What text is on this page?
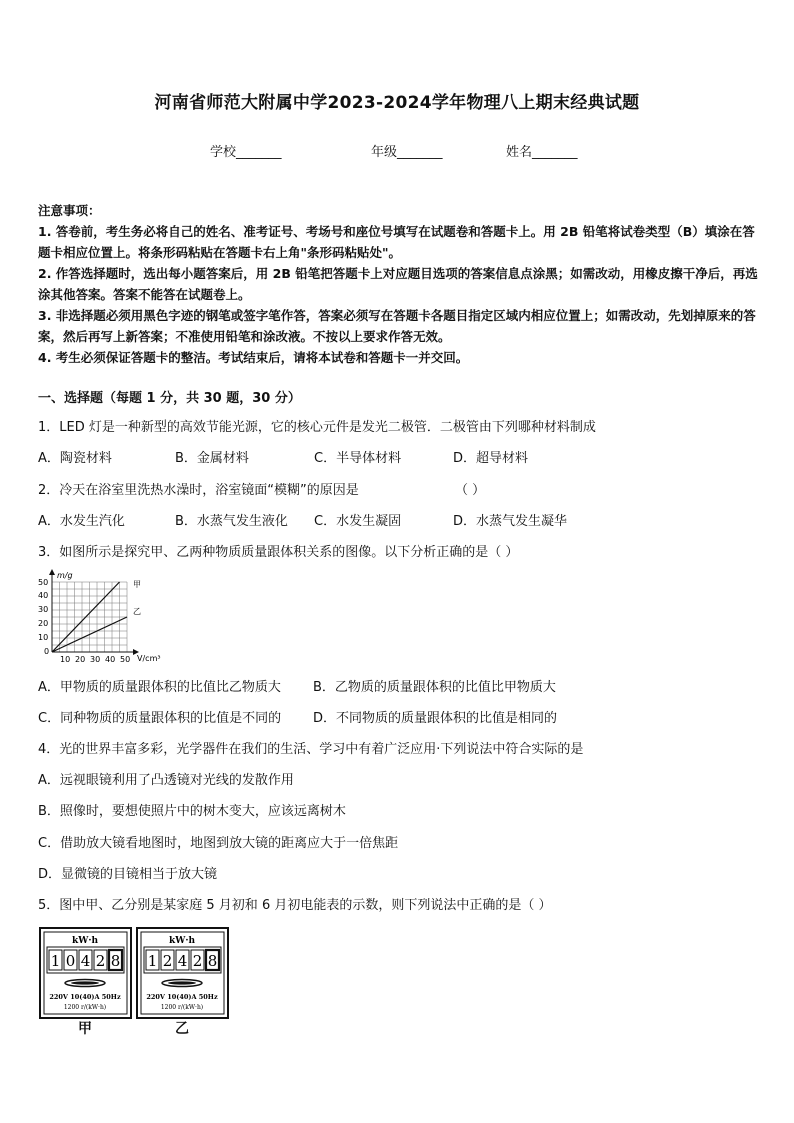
河南省师范大附属中学2023-2024学年物理八上期末经典试题
学校_______	年级_______	姓名_______
注意事项：
1. 答卷前，考生务必将自己的姓名、准考证号、考场号和座位号填写在试题卷和答题卡上。用 2B 铅笔将试卷类型（B）填涂在答题卡相应位置上。将条形码粘贴在答题卡右上角"条形码粘贴处"。
2. 作答选择题时，选出每小题答案后，用 2B 铅笔把答题卡上对应题目选项的答案信息点涂黑；如需改动，用橡皮擦干净后，再选涂其他答案。答案不能答在试题卷上。
3. 非选择题必须用黑色字迹的钢笔或签字笔作答，答案必须写在答题卡各题目指定区域内相应位置上；如需改动，先划掉原来的答案，然后再写上新答案；不准使用铅笔和涂改液。不按以上要求作答无效。
4. 考生必须保证答题卡的整洁。考试结束后，请将本试卷和答题卡一并交回。
一、选择题（每题 1 分，共 30 题，30 分）
1．LED 灯是一种新型的高效节能光源，它的核心元件是发光二极管．二极管由下列哪种材料制成
A．陶瓷材料	B．金属材料	C．半导体材料	D．超导材料
2．冷天在浴室里洗热水澡时，浴室镜面“模糊”的原因是	（ ）
A．水发生汽化	B．水蒸气发生液化 C．水发生凝固	D．水蒸气发生凝华
3．如图所示是探究甲、乙两种物质质量跟体积关系的图像。以下分析正确的是（ ）
m/g
V/cm³
50
40
30
20
10
0
10 20 30 40 50
甲
乙
A．甲物质的质量跟体积的比值比乙物质大 B．乙物质的质量跟体积的比值比甲物质大
C．同种物质的质量跟体积的比值是不同的 D．不同物质的质量跟体积的比值是相同的
4．光的世界丰富多彩，光学器件在我们的生活、学习中有着广泛应用·下列说法中符合实际的是
A．远视眼镜利用了凸透镜对光线的发散作用
B．照像时，要想使照片中的树木变大，应该远离树木
C．借助放大镜看地图时，地图到放大镜的距离应大于一倍焦距
D．显微镜的目镜相当于放大镜
5．图中甲、乙分别是某家庭 5 月初和 6 月初电能表的示数，则下列说法中正确的是（ ）
kW·h
1 0 4 2 8
220V 10(40)A 50Hz
1200 r/(kW·h)
甲
kW·h
1 2 4 2 8
220V 10(40)A 50Hz
1200 r/(kW·h)
乙
